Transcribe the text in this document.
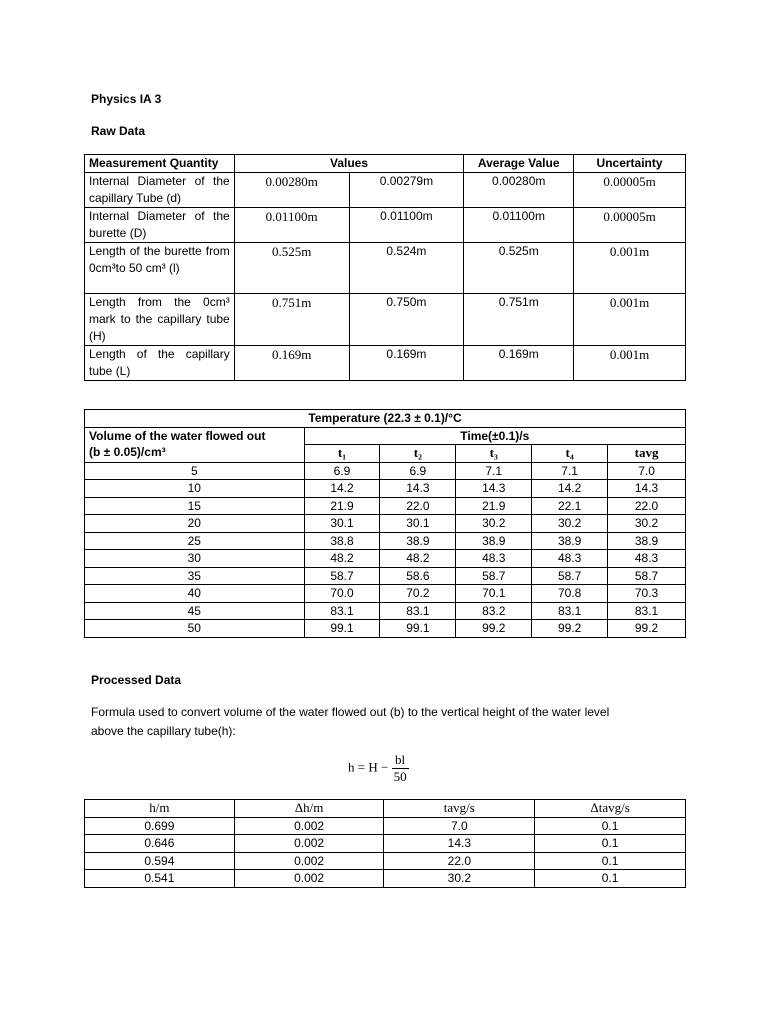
Physics IA 3
Raw Data
Measurement Quantity	Values		Average Value	Uncertainty
Internal Diameter of the capillary Tube (d)	0.00280m	0.00279m	0.00280m	0.00005m
Internal Diameter of the burette (D)	0.01100m	0.01100m	0.01100m	0.00005m
Length of the burette from 0cm³to 50 cm³ (l)	0.525m	0.524m	0.525m	0.001m
Length from the 0cm³ mark to the capillary tube (H)	0.751m	0.750m	0.751m	0.001m
Length of the capillary tube (L)	0.169m	0.169m	0.169m	0.001m
Temperature (22.3 ± 0.1)/°C					

Volume of the water flowed out
(b ± 0.05)/cm³	Time(±0.1)/s				
	t₁	t₂	t₃	t₄	tavg
5	6.9	6.9	7.1	7.1	7.0
10	14.2	14.3	14.3	14.2	14.3
15	21.9	22.0	21.9	22.1	22.0
20	30.1	30.1	30.2	30.2	30.2
25	38.8	38.9	38.9	38.9	38.9
30	48.2	48.2	48.3	48.3	48.3
35	58.7	58.6	58.7	58.7	58.7
40	70.0	70.2	70.1	70.8	70.3
45	83.1	83.1	83.2	83.1	83.1
50	99.1	99.1	99.2	99.2	99.2
Processed Data
Formula used to convert volume of the water flowed out (b) to the vertical height of the water level
above the capillary tube(h):
$h = H - \frac{bl}{50}$
h/m	Δh/m	tavg/s	Δtavg/s
0.699	0.002	7.0	0.1
0.646	0.002	14.3	0.1
0.594	0.002	22.0	0.1
0.541	0.002	30.2	0.1
